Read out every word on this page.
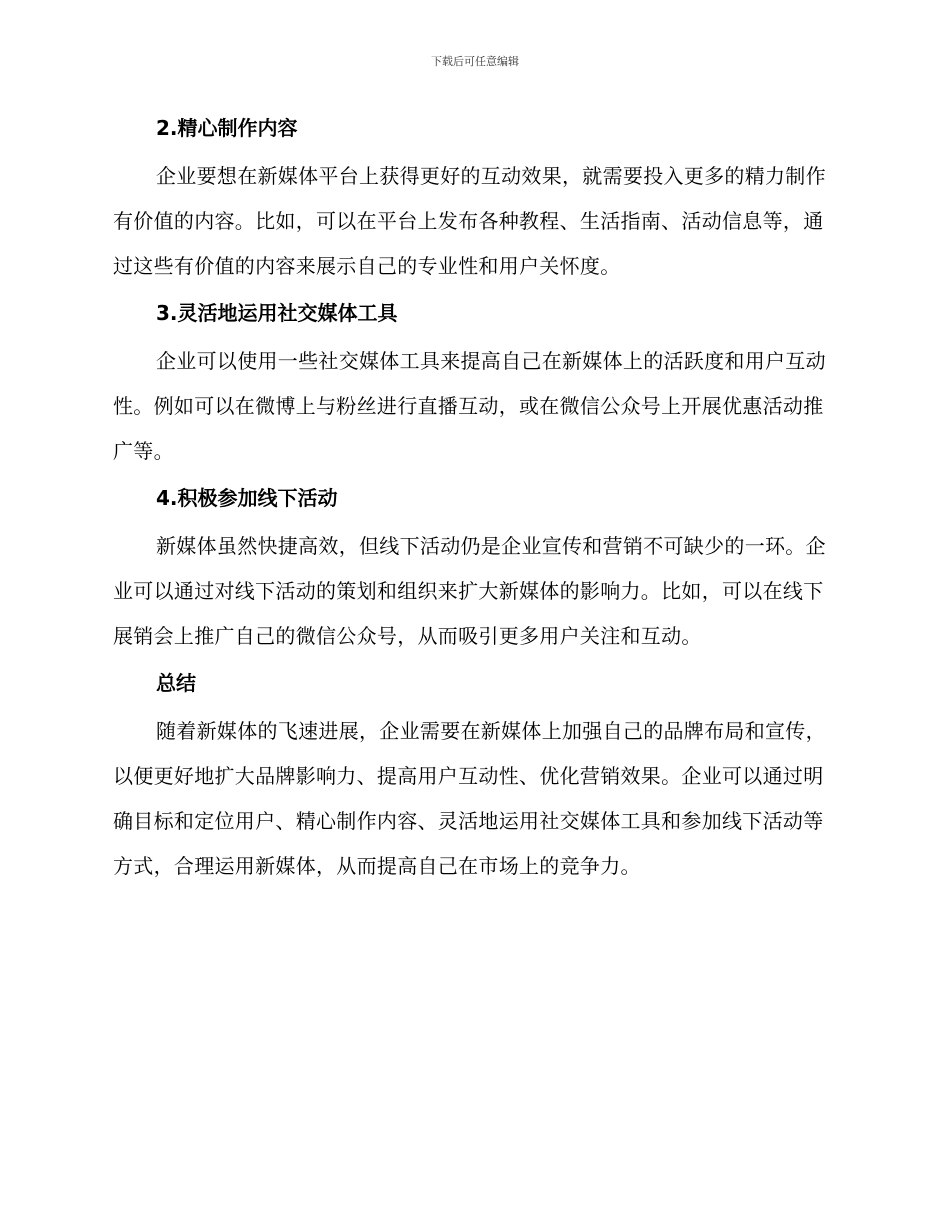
下载后可任意编辑
2.精心制作内容

企业要想在新媒体平台上获得更好的互动效果，就需要投入更多的精力制作有价值的内容。比如，可以在平台上发布各种教程、生活指南、活动信息等，通过这些有价值的内容来展示自己的专业性和用户关怀度。

3.灵活地运用社交媒体工具

企业可以使用一些社交媒体工具来提高自己在新媒体上的活跃度和用户互动性。例如可以在微博上与粉丝进行直播互动，或在微信公众号上开展优惠活动推广等。

4.积极参加线下活动

新媒体虽然快捷高效，但线下活动仍是企业宣传和营销不可缺少的一环。企业可以通过对线下活动的策划和组织来扩大新媒体的影响力。比如，可以在线下展销会上推广自己的微信公众号，从而吸引更多用户关注和互动。

总结

随着新媒体的飞速进展，企业需要在新媒体上加强自己的品牌布局和宣传，以便更好地扩大品牌影响力、提高用户互动性、优化营销效果。企业可以通过明确目标和定位用户、精心制作内容、灵活地运用社交媒体工具和参加线下活动等方式，合理运用新媒体，从而提高自己在市场上的竞争力。
